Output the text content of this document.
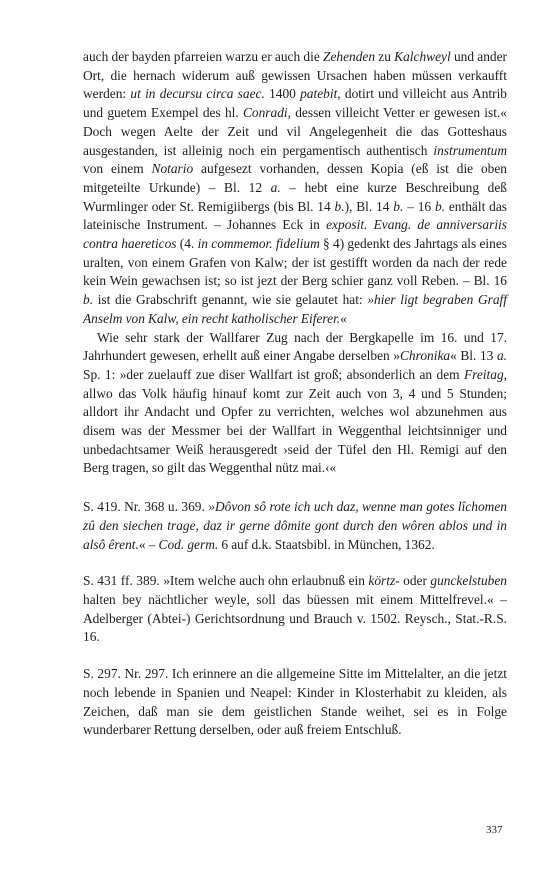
auch der bayden pfarreien warzu er auch die Zehenden zu Kalchweyl und ander Ort, die hernach widerum auß gewissen Ursachen haben müssen verkaufft werden: ut in decursu circa saec. 1400 patebit, dotirt und villeicht aus Antrib und guetem Exempel des hl. Conradi, dessen villeicht Vetter er gewesen ist.« Doch wegen Aelte der Zeit und vil Angelegenheit die das Gotteshaus ausgestanden, ist alleinig noch ein pergamentisch authentisch instrumentum von einem Notario aufgesezt vorhanden, dessen Kopia (eß ist die oben mitgeteilte Urkunde) – Bl. 12 a. – hebt eine kurze Beschreibung deß Wurmlinger oder St. Remigiibergs (bis Bl. 14 b.), Bl. 14 b. – 16 b. enthält das lateinische Instrument. – Johannes Eck in exposit. Evang. de anniversariis contra haereticos (4. in commemor. fidelium § 4) gedenkt des Jahrtags als eines uralten, von einem Grafen von Kalw; der ist gestifft worden da nach der rede kein Wein gewachsen ist; so ist jezt der Berg schier ganz voll Reben. – Bl. 16 b. ist die Grabschrift genannt, wie sie gelautet hat: »hier ligt begraben Graff Anselm von Kalw, ein recht katholischer Eiferer.«

Wie sehr stark der Wallfarer Zug nach der Bergkapelle im 16. und 17. Jahrhundert gewesen, erhellt auß einer Angabe derselben »Chronika« Bl. 13 a. Sp. 1: »der zuelauff zue diser Wallfart ist groß; absonderlich an dem Freitag, allwo das Volk häufig hinauf komt zur Zeit auch von 3, 4 und 5 Stunden; alldort ihr Andacht und Opfer zu verrichten, welches wol abzunehmen aus disem was der Messmer bei der Wallfart in Weggenthal leichtsinniger und unbedachtsamer Weiß herausgeredt ›seid der Tüfel den Hl. Remigi auf den Berg tragen, so gilt das Weggenthal nütz mai.‹«

S. 419. Nr. 368 u. 369. »Dôvon sô rote ich uch daz, wenne man gotes lîchomen zû den siechen trage, daz ir gerne dômite gont durch den wôren ablos und in alsô êrent.« – Cod. germ. 6 auf d.k. Staatsbibl. in München, 1362.

S. 431 ff. 389. »Item welche auch ohn erlaubnuß ein körtz- oder gunckelstuben halten bey nächtlicher weyle, soll das büessen mit einem Mittelfrevel.« – Adelberger (Abtei-) Gerichtsordnung und Brauch v. 1502. Reysch., Stat.-R.S. 16.

S. 297. Nr. 297. Ich erinnere an die allgemeine Sitte im Mittelalter, an die jetzt noch lebende in Spanien und Neapel: Kinder in Klosterhabit zu kleiden, als Zeichen, daß man sie dem geistlichen Stande weihet, sei es in Folge wunderbarer Rettung derselben, oder auß freiem Entschluß.

337
